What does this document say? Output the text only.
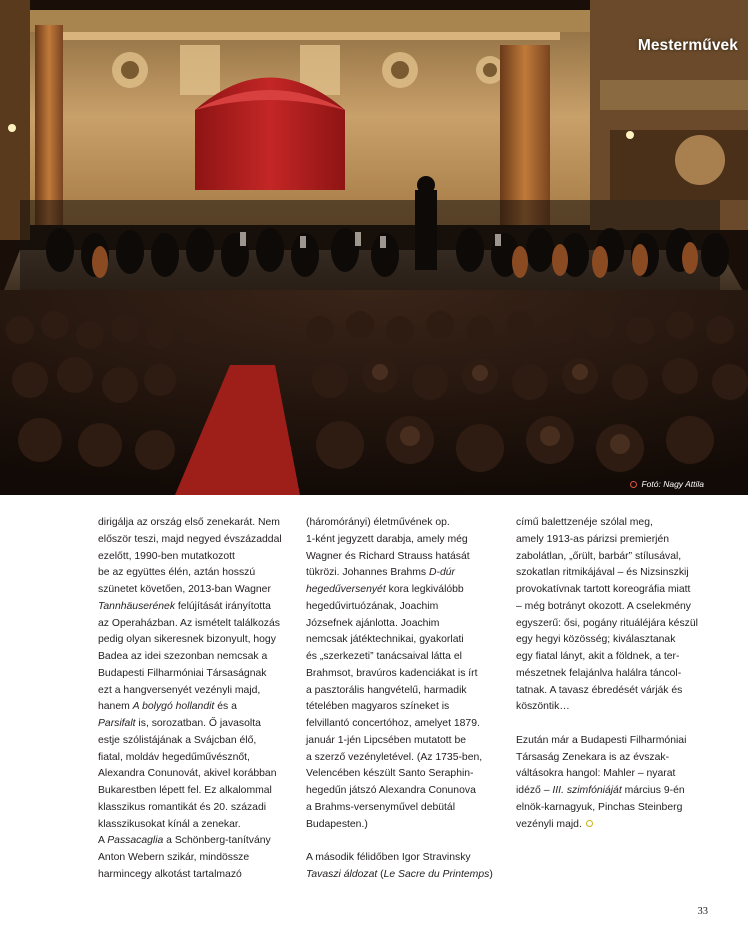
Mesterművek
Fotó: Nagy Attila
dirigálja az ország első zenekarát. Nem
először teszi, majd negyed évszázaddal
ezelőtt, 1990-ben mutatkozott
be az együttes élén, aztán hosszú
szünetet követően, 2013-ban Wagner
Tannhäuserének felújítását irányította
az Operaházban. Az ismételt találkozás
pedig olyan sikeresnek bizonyult, hogy
Badea az idei szezonban nemcsak a
Budapesti Filharmóniai Társaságnak
ezt a hangversenyét vezényli majd,
hanem A bolygó hollandit és a
Parsifalt is, sorozatban. Ő javasolta
estje szólistájának a Svájcban élő,
fiatal, moldáv hegedűművésznőt,
Alexandra Conunovát, akivel korábban
Bukarestben lépett fel. Ez alkalommal
klasszikus romantikát és 20. századi
klasszikusokat kínál a zenekar.
A Passacaglia a Schönberg-tanítvány
Anton Webern szikár, mindössze
harmincegy alkotást tartalmazó
(háromórányi) életművének op.
1-ként jegyzett darabja, amely még
Wagner és Richard Strauss hatását
tükrözi. Johannes Brahms D-dúr
hegedűversenyét kora legkiválóbb
hegedűvirtuózának, Joachim
Józsefnek ajánlotta. Joachim
nemcsak játéktechnikai, gyakorlati
és „szerkezeti” tanácsaival látta el
Brahmsot, bravúros kadenciákat is írt
a pasztorális hangvételű, harmadik
tételében magyaros színeket is
felvillantó concertóhoz, amelyet 1879.
január 1-jén Lipcsében mutatott be
a szerző vezényletével. (Az 1735-ben,
Velencében készült Santo Seraphin-
hegedűn játszó Alexandra Conunova
a Brahms-versenyművel debütál
Budapesten.)
A második félidőben Igor Stravinsky
Tavaszi áldozat (Le Sacre du Printemps)
című balettzenéje szólal meg,
amely 1913-as párizsi premierjén
zabolátlan, „őrült, barbár” stílusával,
szokatlan ritmikájával – és Nizsinszkij
provokatívnak tartott koreográfia miatt
– még botrányt okozott. A cselekmény
egyszerű: ősi, pogány rituáléjára készül
egy hegyi közösség; kiválasztanak
egy fiatal lányt, akit a földnek, a ter-
mészetnek felajánlva halálra táncol-
tatnak. A tavasz ébredését várják és
köszöntik…
Ezután már a Budapesti Filharmóniai
Társaság Zenekara is az évszak-
váltásokra hangol: Mahler – nyarat
idéző – III. szimfóniáját március 9-én
elnök-karnagyuk, Pinchas Steinberg
vezényli majd.
33
